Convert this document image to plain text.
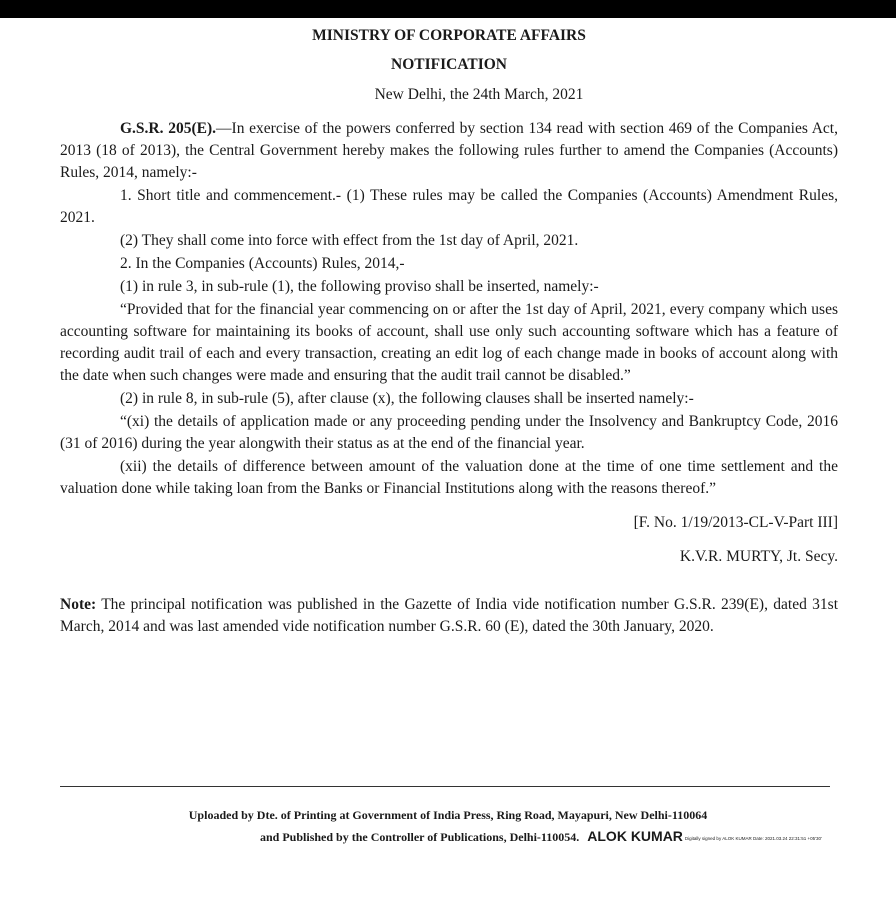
MINISTRY OF CORPORATE AFFAIRS
NOTIFICATION
New Delhi, the 24th March, 2021

G.S.R. 205(E).—In exercise of the powers conferred by section 134 read with section 469 of the Companies Act, 2013 (18 of 2013), the Central Government hereby makes the following rules further to amend the Companies (Accounts) Rules, 2014, namely:-

1. Short title and commencement.- (1) These rules may be called the Companies (Accounts) Amendment Rules, 2021.

(2) They shall come into force with effect from the 1st day of April, 2021.

2. In the Companies (Accounts) Rules, 2014,-

(1) in rule 3, in sub-rule (1), the following proviso shall be inserted, namely:-

“Provided that for the financial year commencing on or after the 1st day of April, 2021, every company which uses accounting software for maintaining its books of account, shall use only such accounting software which has a feature of recording audit trail of each and every transaction, creating an edit log of each change made in books of account along with the date when such changes were made and ensuring that the audit trail cannot be disabled.”

(2) in rule 8, in sub-rule (5), after clause (x), the following clauses shall be inserted namely:-

“(xi) the details of application made or any proceeding pending under the Insolvency and Bankruptcy Code, 2016 (31 of 2016) during the year alongwith their status as at the end of the financial year.

(xii) the details of difference between amount of the valuation done at the time of one time settlement and the valuation done while taking loan from the Banks or Financial Institutions along with the reasons thereof.”

[F. No. 1/19/2013-CL-V-Part III]

K.V.R. MURTY, Jt. Secy.

Note: The principal notification was published in the Gazette of India vide notification number G.S.R. 239(E), dated 31st March, 2014 and was last amended vide notification number G.S.R. 60 (E), dated the 30th January, 2020.

Uploaded by Dte. of Printing at Government of India Press, Ring Road, Mayapuri, New Delhi-110064
and Published by the Controller of Publications, Delhi-110054. ALOK KUMAR Digitally signed by ALOK KUMAR Date: 2021.03.24 22:31:51 +05'30'
